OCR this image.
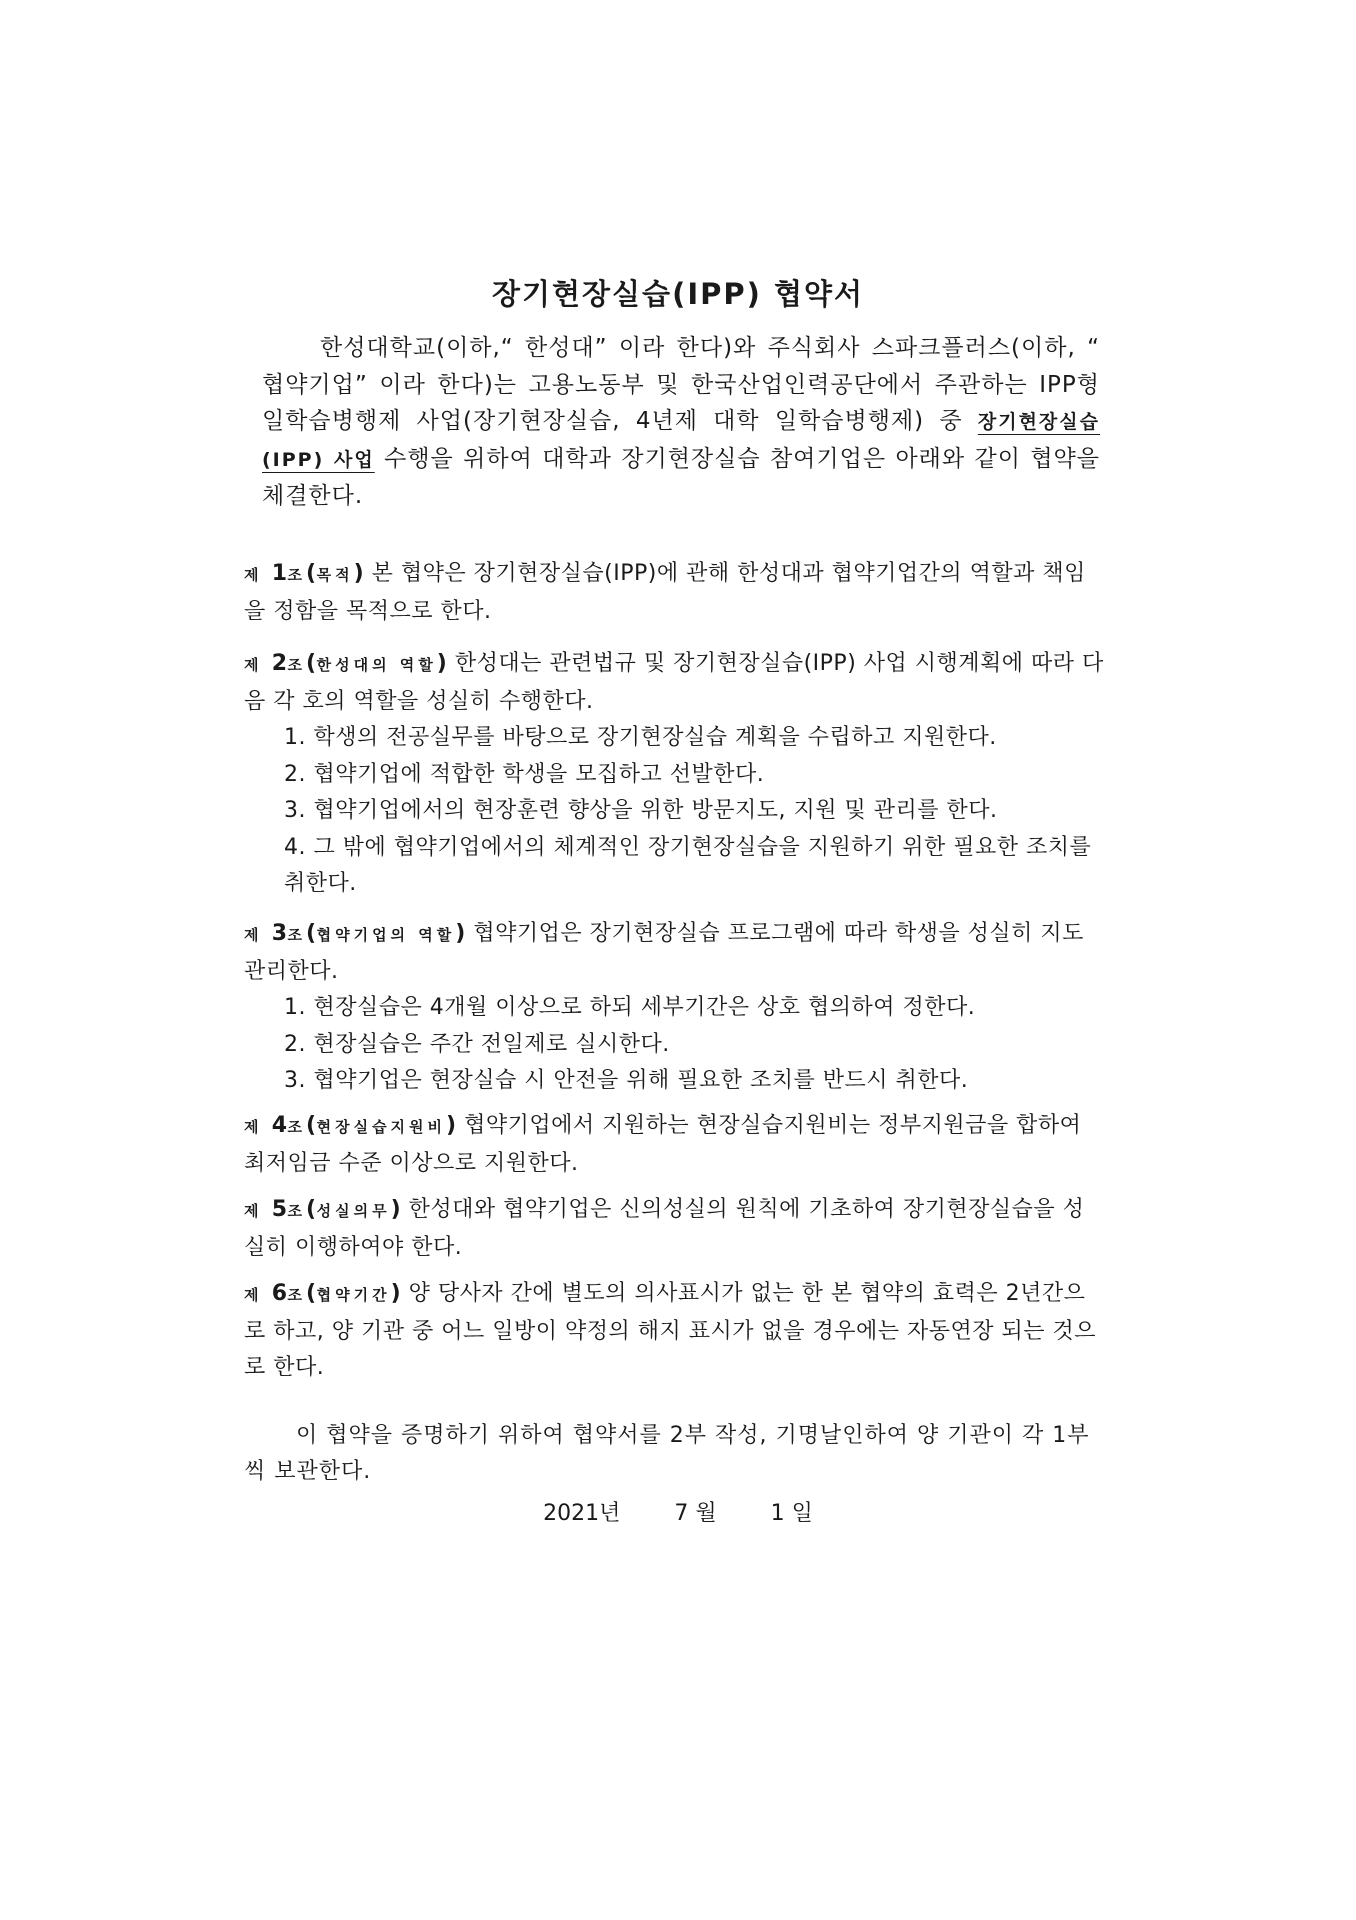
장기현장실습(IPP) 협약서
한성대학교(이하,“ 한성대” 이라 한다)와 주식회사 스파크플러스(이하, “ 협약기업” 이라 한다)는 고용노동부 및 한국산업인력공단에서 주관하는 IPP형 일학습병행제 사업(장기현장실습, 4년제 대학 일학습병행제) 중 장기현장실습(IPP) 사업 수행을 위하여 대학과 장기현장실습 참여기업은 아래와 같이 협약을 체결한다.
제 1조(목적) 본 협약은 장기현장실습(IPP)에 관해 한성대과 협약기업간의 역할과 책임을 정함을 목적으로 한다.
제 2조(한성대의 역할) 한성대는 관련법규 및 장기현장실습(IPP) 사업 시행계획에 따라 다음 각 호의 역할을 성실히 수행한다.
1. 학생의 전공실무를 바탕으로 장기현장실습 계획을 수립하고 지원한다.
2. 협약기업에 적합한 학생을 모집하고 선발한다.
3. 협약기업에서의 현장훈련 향상을 위한 방문지도, 지원 및 관리를 한다.
4. 그 밖에 협약기업에서의 체계적인 장기현장실습을 지원하기 위한 필요한 조치를 취한다.
제 3조(협약기업의 역할) 협약기업은 장기현장실습 프로그램에 따라 학생을 성실히 지도 관리한다.
1. 현장실습은 4개월 이상으로 하되 세부기간은 상호 협의하여 정한다.
2. 현장실습은 주간 전일제로 실시한다.
3. 협약기업은 현장실습 시 안전을 위해 필요한 조치를 반드시 취한다.
제 4조(현장실습지원비) 협약기업에서 지원하는 현장실습지원비는 정부지원금을 합하여 최저임금 수준 이상으로 지원한다.
제 5조(성실의무) 한성대와 협약기업은 신의성실의 원칙에 기초하여 장기현장실습을 성실히 이행하여야 한다.
제 6조(협약기간) 양 당사자 간에 별도의 의사표시가 없는 한 본 협약의 효력은 2년간으로 하고, 양 기관 중 어느 일방이 약정의 해지 표시가 없을 경우에는 자동연장 되는 것으로 한다.
이 협약을 증명하기 위하여 협약서를 2부 작성, 기명날인하여 양 기관이 각 1부씩 보관한다.
2021년 7 월 1 일
